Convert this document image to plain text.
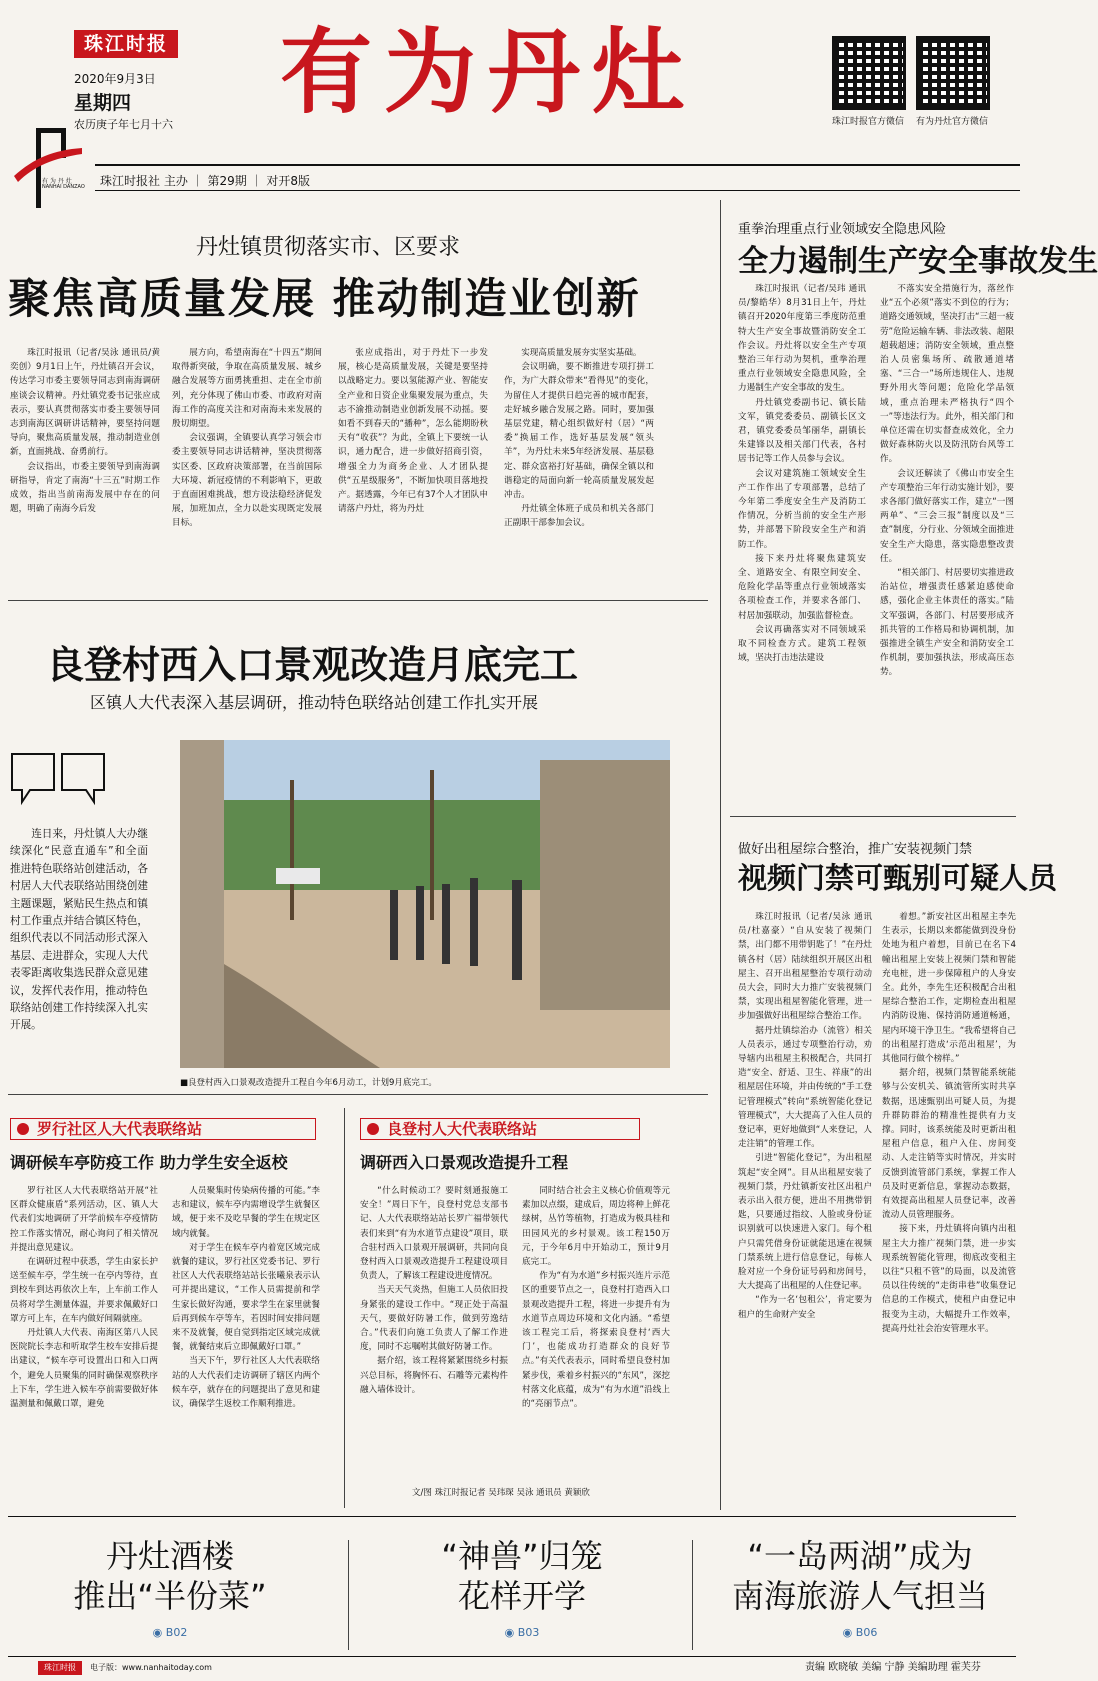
珠江时报
2020年9月3日
星期四
农历庚子年七月十六 有为丹灶	珠江时报官方微信 有为丹灶官方微信
有 为 丹 灶
NANHAI DANZAO 珠江时报社 主办 ｜ 第29期 ｜ 对开8版
丹灶镇贯彻落实市、区要求
聚焦高质量发展 推动制造业创新

珠江时报讯（记者/吴泳 通讯员/黄奕创）9月1日上午，丹灶镇召开会议，传达学习市委主要领导同志到南海调研座谈会议精神。丹灶镇党委书记张应成表示，要认真贯彻落实市委主要领导同志到南海区调研讲话精神，要坚持问题导向，聚焦高质量发展，推动制造业创新，直面挑战、奋勇前行。

会议指出，市委主要领导到南海调研指导，肯定了南海“十三五”时期工作成效，指出当前南海发展中存在的问题，明确了南海今后发

展方向，希望南海在“十四五”期间取得新突破，争取在高质量发展、城乡融合发展等方面勇挑重担、走在全市前列，充分体现了佛山市委、市政府对南海工作的高度关注和对南海未来发展的殷切期望。

会议强调，全镇要认真学习领会市委主要领导同志讲话精神，坚决贯彻落实区委、区政府决策部署，在当前国际大环境、新冠疫情的不利影响下，更敢于直面困难挑战，想方设法稳经济促发展，加班加点，全力以赴实现既定发展目标。

张应成指出，对于丹灶下一步发展，核心是高质量发展，关键是要坚持以战略定力。要以氢能源产业、智能安全产业和日资企业集聚发展为重点，失志不渝推动制造业创新发展不动摇。要如看不到春天的“播种”，怎么能期盼秋天有“收获”？为此，全镇上下要统一认识，通力配合，进一步做好招商引资，增强全力为商务企业、人才团队提供“五星级服务”，不断加快项目落地投产。据透露，今年已有37个人才团队申请落户丹灶，将为丹灶

实现高质量发展夯实坚实基础。

会议明确，要不断推进专项打拼工作，为广大群众带来“看得见”的变化，为留住人才提供日趋完善的城市配套，走好城乡融合发展之路。同时，要加强基层党建，精心组织做好村（居）“两委”换届工作，选好基层发展“领头羊”，为丹灶未来5年经济发展、基层稳定、群众富裕打好基础，确保全镇以和谐稳定的局面向新一轮高质量发展发起冲击。

丹灶镇全体班子成员和机关各部门正副职干部参加会议。

重拳治理重点行业领域安全隐患风险
全力遏制生产安全事故发生

珠江时报讯（记者/吴玮 通讯员/黎皓华）8月31日上午，丹灶镇召开2020年度第三季度防范重特大生产安全事故暨消防安全工作会议。丹灶将以安全生产专项整治三年行动为契机，重拳治理重点行业领域安全隐患风险，全力遏制生产安全事故的发生。

丹灶镇党委副书记、镇长陆文军，镇党委委员、副镇长区文君，镇党委委员邹丽华，副镇长朱建锋以及相关部门代表，各村居书记等工作人员参与会议。

会议对建筑施工领域安全生产工作作出了专项部署，总结了今年第二季度安全生产及消防工作情况，分析当前的安全生产形势，并部署下阶段安全生产和消防工作。

接下来丹灶将聚焦建筑安全、道路安全、有限空间安全、危险化学品等重点行业领域落实各项检查工作，并要求各部门、村居加强联动，加强监督检查。

会议再确落实对不同领域采取不同检查方式。建筑工程领域，坚决打击违法建设

不落实安全措施行为，落丝作业“五个必须”落实不到位的行为；道路交通领域，坚决打击“三超一疲劳”危险运输车辆、非法改装、超限超载超速；消防安全领域，重点整治人员密集场所、疏散通道堵塞、“三合一”场所违规住人、违规野外用火等问题；危险化学品领域，重点治理未严格执行“四个一”等违法行为。此外，相关部门和单位还需在切实督查成效化，全力做好森林防火以及防汛防台风等工作。

会议还解读了《佛山市安全生产专项整治三年行动实施计划》，要求各部门做好落实工作，建立“一图两单”、“三会三报”制度以及“三查”制度，分行业、分领域全面推进安全生产大隐患，落实隐患整改责任。

“相关部门、村居要切实推进政治站位，增强责任感紧迫感使命感，强化企业主体责任的落实。”陆文军强调，各部门、村居要形成齐抓共管的工作格局和协调机制，加强推进全镇生产安全和消防安全工作机制，要加强执法，形成高压态势。

做好出租屋综合整治，推广安装视频门禁
视频门禁可甄别可疑人员

珠江时报讯（记者/吴泳 通讯员/杜嘉豪）“自从安装了视频门禁，出门都不用带钥匙了！”在丹灶镇各村（居）陆续组织开展区出租屋主、召开出租屋整治专项行动动员大会，同时大力推广安装视频门禁，实现出租屋智能化管理，进一步加强做好出租屋综合整治工作。

据丹灶镇综治办（流管）相关人员表示，通过专项整治行动，劝导辖内出租屋主积极配合，共同打造“安全、舒适、卫生、祥康”的出租屋居住环境，并由传统的“手工登记管理模式”转向“系统智能化登记管理模式”，大大提高了入住人员的登记率，更好地做到“人来登记，人走注销”的管理工作。

引进“智能化登记”，为出租屋筑起“安全网”。目从出租屋安装了视频门禁，丹灶镇新安社区出租户表示出入很方便，进出不用携带钥匙，只要通过指纹、人脸或身份证识别就可以快速进入家门。每个租户只需凭借身份证就能迅速在视频门禁系统上进行信息登记，每栋人脸对应一个身份证号码和房间号，大大提高了出租屋的人住登记率。

“作为一名‘包租公’，肯定要为租户的生命财产安全

着想。”新安社区出租屋主李先生表示，长期以来都能做到没身份处地为租户着想，目前已在名下4幢出租屋上安装上视频门禁和智能充电桩，进一步保障租户的人身安全。此外，李先生还积极配合出租屋综合整治工作，定期检查出租屋内消防设施、保持消防通道畅通，屋内环境干净卫生。“我希望将自己的出租屋打造成‘示范出租屋’，为其他同行做个榜样。”

据介绍，视频门禁智能系统能够与公安机关、镇流管所实时共享数据，迅速甄别出可疑人员，为提升群防群治的精准性提供有力支撑。同时，该系统能及时更新出租屋租户信息，租户入住、房间变动、人走注销等实时情况，并实时反馈到流管部门系统，掌握工作人员及时更新信息，掌握动态数据，有效提高出租屋人员登记率，改善流动人员管理服务。

接下来，丹灶镇将向镇内出租屋主大力推广视频门禁，进一步实现系统智能化管理，彻底改变租主以往“只租不管”的局面，以及流管员以往传统的“走街串巷”收集登记信息的工作模式，使租户由登记申报变为主动，大幅提升工作效率，提高丹灶社会治安管理水平。

良登村西入口景观改造月底完工
区镇人大代表深入基层调研，推动特色联络站创建工作扎实开展

连日来，丹灶镇人大办继续深化“民意直通车”和全面推进特色联络站创建活动，各村居人大代表联络站围绕创建主题课题，紧贴民生热点和镇村工作重点并结合镇区特色，组织代表以不同活动形式深入基层、走进群众，实现人大代表零距离收集选民群众意见建议，发挥代表作用，推动特色联络站创建工作持续深入扎实开展。

■良登村西入口景观改造提升工程自今年6月动工，计划9月底完工。
罗行社区人大代表联络站
调研候车亭防疫工作 助力学生安全返校

罗行社区人大代表联络站开展“社区群众健康盾”系列活动，区、镇人大代表们实地调研了开学前候车亭疫情防控工作落实情况，耐心询问了相关情况并提出意见建议。

在调研过程中获悉，学生由家长护送至候车亭，学生统一在亭内等待，直到校车到达再依次上车，上车前工作人员将对学生测量体温，并要求佩戴好口罩方可上车，在车内做好间隔就座。

丹灶镇人大代表、南海区第八人民医院院长李志和听取学生校车安排后提出建议，“候车亭可设置出口和入口两个，避免人员聚集的同时确保观察秩序上下车，学生进入候车亭前需要做好体温测量和佩戴口罩，避免

人员聚集时传染病传播的可能。”李志和建议，候车亭内需增设学生就餐区域，便于来不及吃早餐的学生在规定区域内就餐。

对于学生在候车亭内着宽区域完成就餐的建议，罗行社区党委书记、罗行社区人大代表联络站站长张曦泉表示认可并提出建议，“工作人员需提前和学生家长做好沟通，要求学生在家里就餐后再到候车亭等车，若因时间安排问题来不及就餐，便自觉到指定区域完成就餐，就餐结束后立即佩戴好口罩。”

当天下午，罗行社区人大代表联络站的人大代表们走访调研了辖区内两个候车亭，就存在的问题提出了意见和建议，确保学生返校工作顺利推进。

良登村人大代表联络站
调研西入口景观改造提升工程

“什么时候动工？要时刻通报施工安全！”周日下午，良登村党总支部书记、人大代表联络站站长罗广福带领代表们来到“有为水道节点建设”项目，联合驻村西入口景观开展调研，共同向良登村西入口景观改造提升工程建设项目负责人，了解该工程建设进度情况。

当天天气炎热，但施工人员依旧投身紧张的建设工作中。“现正处于高温天气，要做好防暑工作，做到劳逸结合。”代表们向施工负责人了解工作进度，同时不忘嘱咐其做好防暑工作。

据介绍，该工程将紧紧围绕乡村振兴总目标，将胸怀石、石雕等元素构件融入墙体设计。

同时结合社会主义核心价值观等元素加以点缀，建成后，周边将种上鲜花绿树，丛竹等植物，打造成为极具桂和田园风光的乡村景观。该工程150万元，于今年6月中开始动工，预计9月底完工。

作为“有为水道”乡村振兴连片示范区的重要节点之一，良登村打造西入口景观改造提升工程，将进一步提升有为水道节点周边环境和文化内涵。“希望该工程完工后，将探索良登村‘西大门’，也能成功打造群众的良好节点。”有关代表表示，同时希望良登村加紧步伐，乘着乡村振兴的“东风”，深挖村落文化底蕴，成为“有为水道”沿线上的“亮丽节点”。

文/图 珠江时报记者 吴玮琛 吴泳 通讯员 黄颖欣
丹灶酒楼
推出“半份菜”
◉ B02
“神兽”归笼
花样开学
◉ B03
“一岛两湖”成为
南海旅游人气担当
◉ B06
珠江时报	电子版：www.nanhaitoday.com	责编 欧晓敏 美编 宁静 美编助理 霍芙芬
